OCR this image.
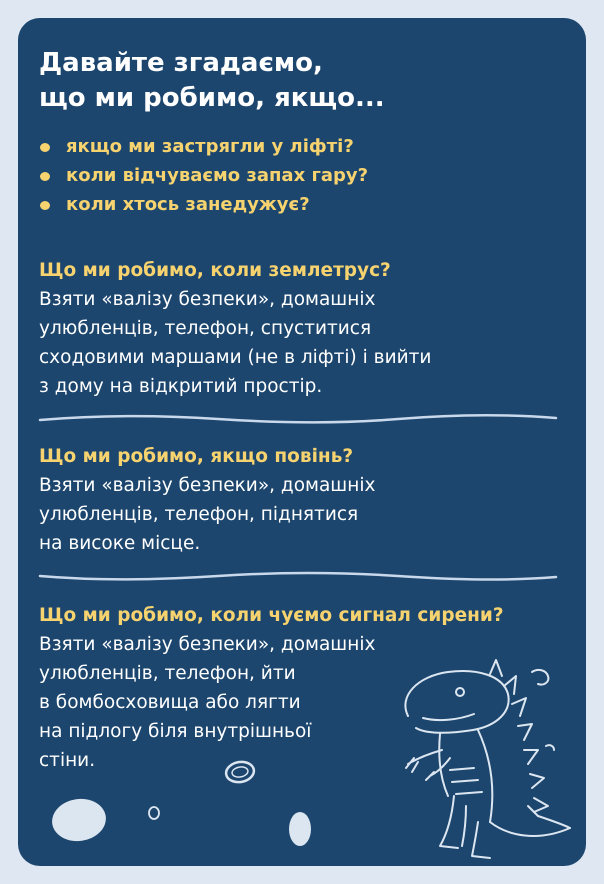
Давайте згадаємо,
що ми робимо, якщо...
якщо ми застрягли у ліфті?
коли відчуваємо запах гару?
коли хтось занедужує?
Що ми робимо, коли землетрус?

Взяти «валізу безпеки», домашніх
улюбленців, телефон, спуститися
сходовими маршами (не в ліфті) і вийти
з дому на відкритий простір.

Що ми робимо, якщо повінь?

Взяти «валізу безпеки», домашніх
улюбленців, телефон, піднятися
на високе місце.

Що ми робимо, коли чуємо сигнал сирени?

Взяти «валізу безпеки», домашніх
улюбленців, телефон, йти
в бомбосховища або лягти
на підлогу біля внутрішньої
стіни.
